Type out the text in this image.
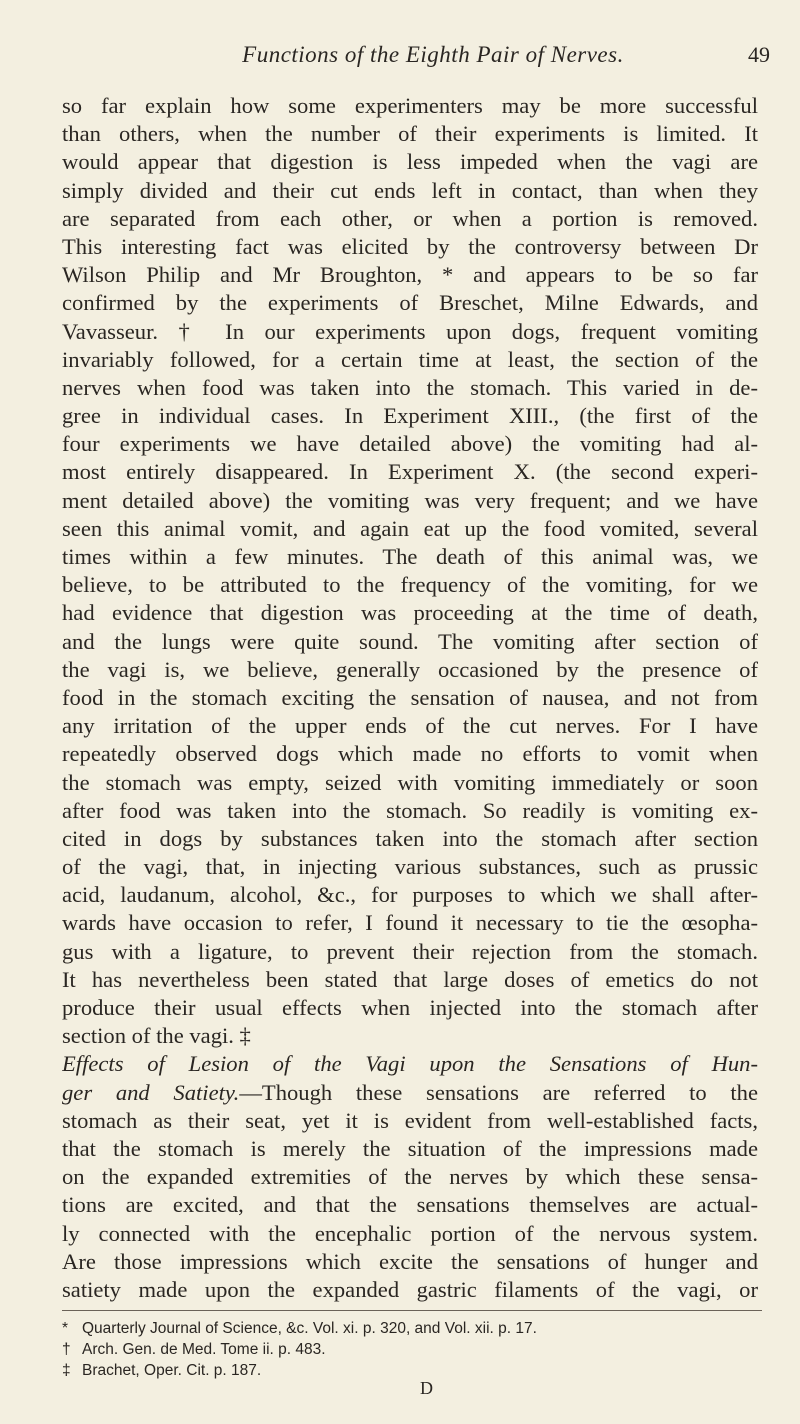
Functions of the Eighth Pair of Nerves.	49
so far explain how some experimenters may be more successful
than others, when the number of their experiments is limited. It
would appear that digestion is less impeded when the vagi are
simply divided and their cut ends left in contact, than when they
are separated from each other, or when a portion is removed.
This interesting fact was elicited by the controversy between Dr
Wilson Philip and Mr Broughton, * and appears to be so far
confirmed by the experiments of Breschet, Milne Edwards, and
Vavasseur. † In our experiments upon dogs, frequent vomiting
invariably followed, for a certain time at least, the section of the
nerves when food was taken into the stomach. This varied in de-
gree in individual cases. In Experiment XIII., (the first of the
four experiments we have detailed above) the vomiting had al-
most entirely disappeared. In Experiment X. (the second experi-
ment detailed above) the vomiting was very frequent; and we have
seen this animal vomit, and again eat up the food vomited, several
times within a few minutes. The death of this animal was, we
believe, to be attributed to the frequency of the vomiting, for we
had evidence that digestion was proceeding at the time of death,
and the lungs were quite sound. The vomiting after section of
the vagi is, we believe, generally occasioned by the presence of
food in the stomach exciting the sensation of nausea, and not from
any irritation of the upper ends of the cut nerves. For I have
repeatedly observed dogs which made no efforts to vomit when
the stomach was empty, seized with vomiting immediately or soon
after food was taken into the stomach. So readily is vomiting ex-
cited in dogs by substances taken into the stomach after section
of the vagi, that, in injecting various substances, such as prussic
acid, laudanum, alcohol, &c., for purposes to which we shall after-
wards have occasion to refer, I found it necessary to tie the œsopha-
gus with a ligature, to prevent their rejection from the stomach.
It has nevertheless been stated that large doses of emetics do not
produce their usual effects when injected into the stomach after
section of the vagi. ‡
Effects of Lesion of the Vagi upon the Sensations of Hun-
ger and Satiety.—Though these sensations are referred to the
stomach as their seat, yet it is evident from well-established facts,
that the stomach is merely the situation of the impressions made
on the expanded extremities of the nerves by which these sensa-
tions are excited, and that the sensations themselves are actual-
ly connected with the encephalic portion of the nervous system.
Are those impressions which excite the sensations of hunger and
satiety made upon the expanded gastric filaments of the vagi, or
* Quarterly Journal of Science, &c. Vol. xi. p. 320, and Vol. xii. p. 17.
† Arch. Gen. de Med. Tome ii. p. 483.
‡ Brachet, Oper. Cit. p. 187.
D
